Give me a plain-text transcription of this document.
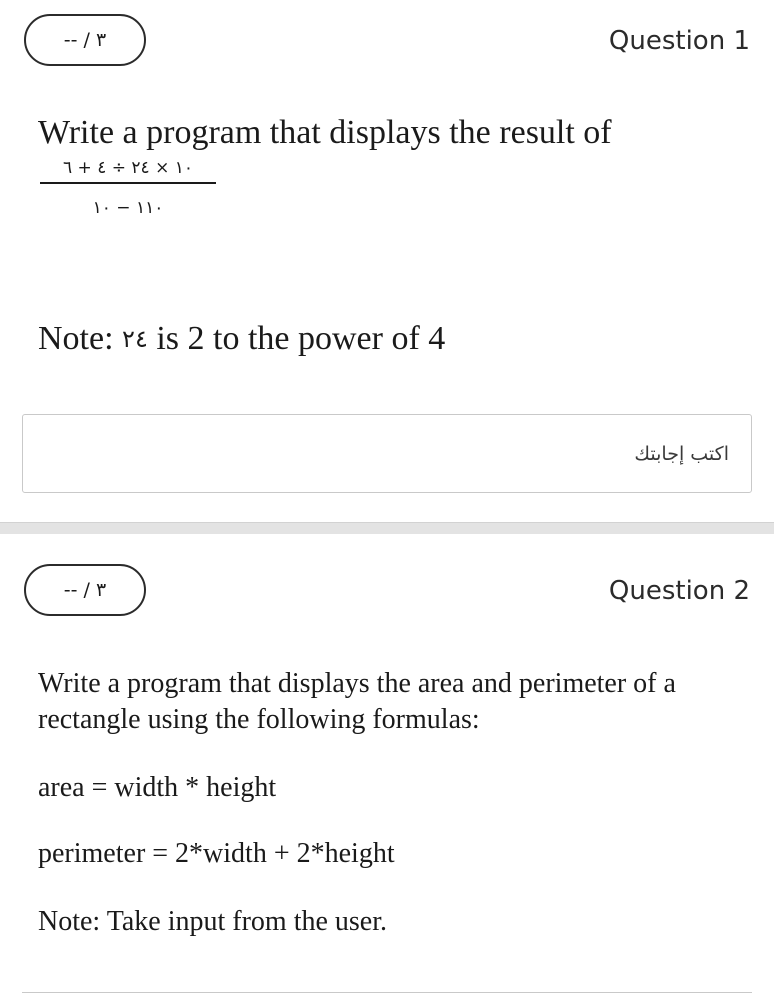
-- / ٣	Question 1
Write a program that displays the result of
١٠ × ٢٤ ÷ ٤ + ٦
١١٠ − ١٠
Note: ٢٤ is 2 to the power of 4
اكتب إجابتك
-- / ٣	Question 2
Write a program that displays the area and perimeter of a
rectangle using the following formulas:
area = width * height
perimeter = 2*width + 2*height
Note: Take input from the user.
